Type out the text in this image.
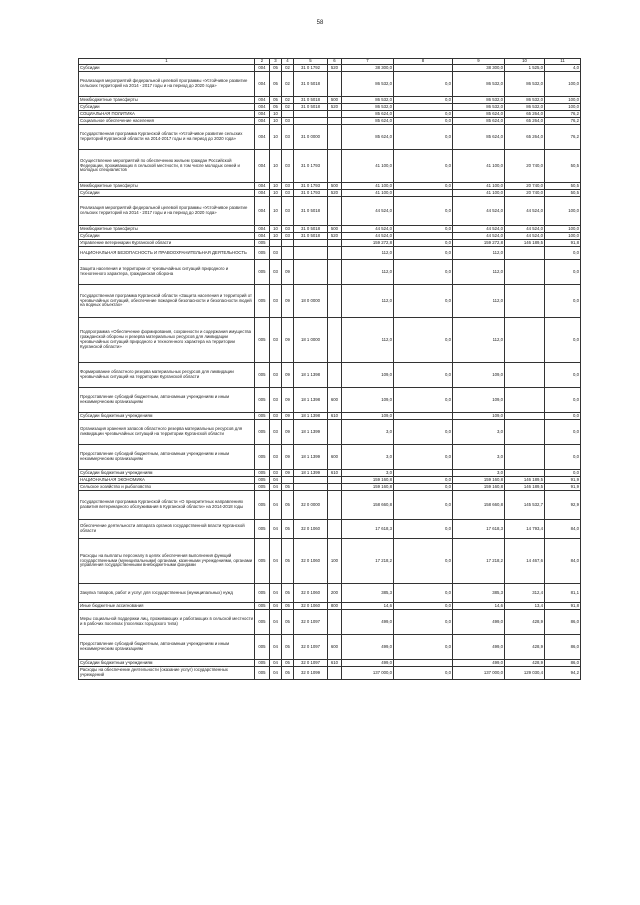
58
1	2	3	4	5	6	7	8	9	10	11
Субсидии	004	05	02	31 0 1792	520	38 300,0		38 300,0	1 525,0	4,0
Реализация мероприятий федеральной целевой программы «Устойчивое развитие сельских территорий на 2014 - 2017 годы и на период до 2020 года»	004	05	02	31 0 5018		86 532,0	0,0	86 532,0	86 532,0	100,0
Межбюджетные трансферты	004	05	02	31 0 5018	500	86 532,0	0,0	86 532,0	86 532,0	100,0
Субсидии	004	05	02	31 0 5018	520	86 532,0		86 532,0	86 532,0	100,0
СОЦИАЛЬНАЯ ПОЛИТИКА	004	10				85 624,0	0,0	85 624,0	65 264,0	76,2
Социальное обеспечение населения	004	10	03			85 624,0	0,0	85 624,0	65 264,0	76,2
Государственная программа Курганской области «Устойчивое развитие сельских территорий Курганской области на 2014-2017 годы и на период до 2020 года»	004	10	03	31 0 0000		85 624,0	0,0	85 624,0	65 264,0	76,2
Осуществление мероприятий по обеспечению жильем граждан Российской Федерации, проживающих в сельской местности, в том числе молодых семей и молодых специалистов	004	10	03	31 0 1793		41 100,0	0,0	41 100,0	20 740,0	50,5
Межбюджетные трансферты	004	10	03	31 0 1793	500	41 100,0	0,0	41 100,0	20 740,0	50,5
Субсидии	004	10	03	31 0 1793	520	41 100,0		41 100,0	20 740,0	50,5
Реализация мероприятий федеральной целевой программы «Устойчивое развитие сельских территорий на 2014 - 2017 годы и на период до 2020 года»	004	10	03	31 0 5018		44 524,0	0,0	44 524,0	44 524,0	100,0
Межбюджетные трансферты	004	10	03	31 0 5018	500	44 524,0	0,0	44 524,0	44 524,0	100,0
Субсидии	004	10	03	31 0 5018	520	44 524,0		44 524,0	44 524,0	100,0
Управление ветеринарии Курганской области	005					159 272,8	0,0	159 272,8	146 189,5	91,8
НАЦИОНАЛЬНАЯ БЕЗОПАСНОСТЬ И ПРАВООХРАНИТЕЛЬНАЯ ДЕЯТЕЛЬНОСТЬ	005	03				112,0	0,0	112,0		0,0
Защита населения и территории от чрезвычайных ситуаций природного и техногенного характера, гражданская оборона	005	03	09			112,0	0,0	112,0		0,0
Государственная программа Курганской области «Защита населения и территорий от чрезвычайных ситуаций, обеспечение пожарной безопасности и безопасности людей на водных объектах»	005	03	09	18 0 0000		112,0	0,0	112,0		0,0
Подпрограмма «Обеспечение формирования, сохранности и содержания имущества гражданской обороны и резерва материальных ресурсов для ликвидации чрезвычайных ситуаций природного и техногенного характера на территории Курганской области»	005	03	09	18 1 0000		112,0	0,0	112,0		0,0
Формирование областного резерва материальных ресурсов для ликвидации чрезвычайных ситуаций на территории Курганской области	005	03	09	18 1 1398		109,0	0,0	109,0		0,0
Предоставление субсидий бюджетным, автономным учреждениям и иным некоммерческим организациям	005	03	09	18 1 1398	600	109,0	0,0	109,0		0,0
Субсидии бюджетным учреждениям	005	03	09	18 1 1398	610	109,0		109,0		0,0
Организация хранения запасов областного резерва материальных ресурсов для ликвидации чрезвычайных ситуаций на территории Курганской области	005	03	09	18 1 1399		3,0	0,0	3,0		0,0
Предоставление субсидий бюджетным, автономным учреждениям и иным некоммерческим организациям	005	03	09	18 1 1399	600	3,0	0,0	3,0		0,0
Субсидии бюджетным учреждениям	005	03	09	18 1 1399	610	3,0		3,0		0,0
НАЦИОНАЛЬНАЯ ЭКОНОМИКА	005	04				159 160,8	0,0	159 160,8	146 189,5	91,9
Сельское хозяйство и рыболовство	005	04	05			159 160,8	0,0	159 160,8	146 189,5	91,9
Государственная программа Курганской области «О приоритетных направлениях развития ветеринарного обслуживания в Курганской области» на 2014-2018 годы	005	04	05	32 0 0000		158 660,8	0,0	158 660,8	145 532,7	92,9
Обеспечение деятельности аппарата органов государственной власти Курганской области	005	04	05	32 0 1060		17 618,3	0,0	17 618,3	14 793,4	84,0
Расходы на выплаты персоналу в целях обеспечения выполнения функций государственными (муниципальными) органами, казенными учреждениями, органами управления государственными внебюджетными фондами	005	04	05	32 0 1060	100	17 218,2	0,0	17 218,2	14 467,6	84,0
Закупка товаров, работ и услуг для государственных (муниципальных) нужд	005	04	05	32 0 1060	200	385,3	0,0	385,3	312,4	81,1
Иные бюджетные ассигнования	005	04	05	32 0 1060	800	14,6	0,0	14,6	13,4	91,8
Меры социальной поддержки лиц, проживающих и работающих в сельской местности и в рабочих поселках (поселках городского типа)	005	04	05	32 0 1097		499,0	0,0	499,0	428,9	86,0
Предоставление субсидий бюджетным, автономным учреждениям и иным некоммерческим организациям	005	04	05	32 0 1097	600	499,0	0,0	499,0	428,9	86,0
Субсидии бюджетным учреждениям	005	04	05	32 0 1097	610	499,0		499,0	428,9	86,0
Расходы на обеспечение деятельности (оказание услуг) государственных учреждений	005	04	05	32 0 1099		137 000,0	0,0	137 000,0	129 030,4	94,2
